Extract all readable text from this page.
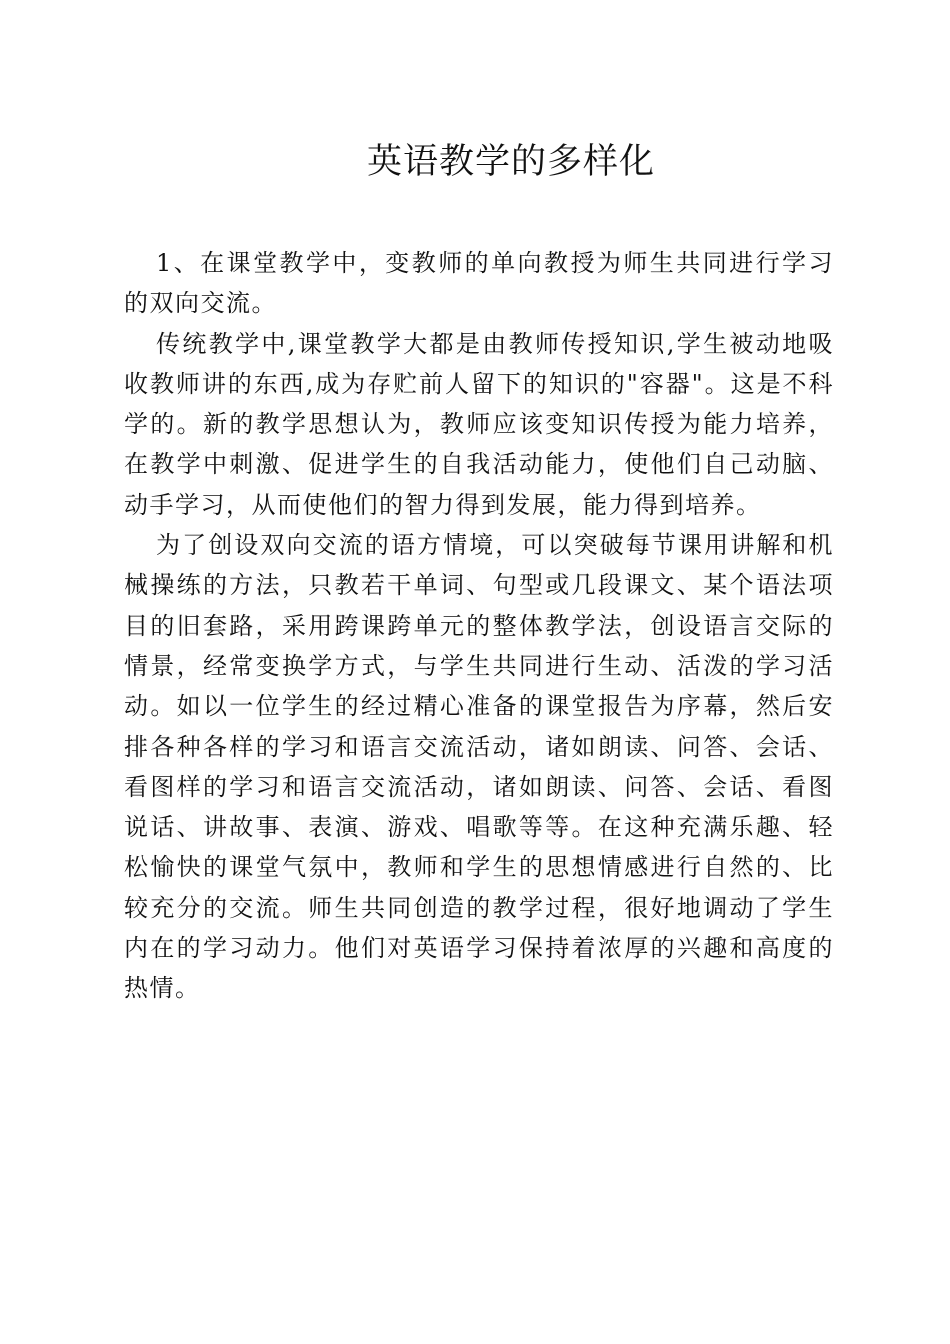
英语教学的多样化

1、在课堂教学中，变教师的单向教授为师生共同进行学习的双向交流。

传统教学中,课堂教学大都是由教师传授知识,学生被动地吸收教师讲的东西,成为存贮前人留下的知识的"容器"。这是不科学的。新的教学思想认为，教师应该变知识传授为能力培养，在教学中刺激、促进学生的自我活动能力，使他们自己动脑、动手学习，从而使他们的智力得到发展，能力得到培养。

为了创设双向交流的语方情境，可以突破每节课用讲解和机械操练的方法，只教若干单词、句型或几段课文、某个语法项目的旧套路，采用跨课跨单元的整体教学法，创设语言交际的情景，经常变换学方式，与学生共同进行生动、活泼的学习活动。如以一位学生的经过精心准备的课堂报告为序幕，然后安排各种各样的学习和语言交流活动，诸如朗读、问答、会话、看图样的学习和语言交流活动，诸如朗读、问答、会话、看图说话、讲故事、表演、游戏、唱歌等等。在这种充满乐趣、轻松愉快的课堂气氛中，教师和学生的思想情感进行自然的、比较充分的交流。师生共同创造的教学过程，很好地调动了学生内在的学习动力。他们对英语学习保持着浓厚的兴趣和高度的热情。
